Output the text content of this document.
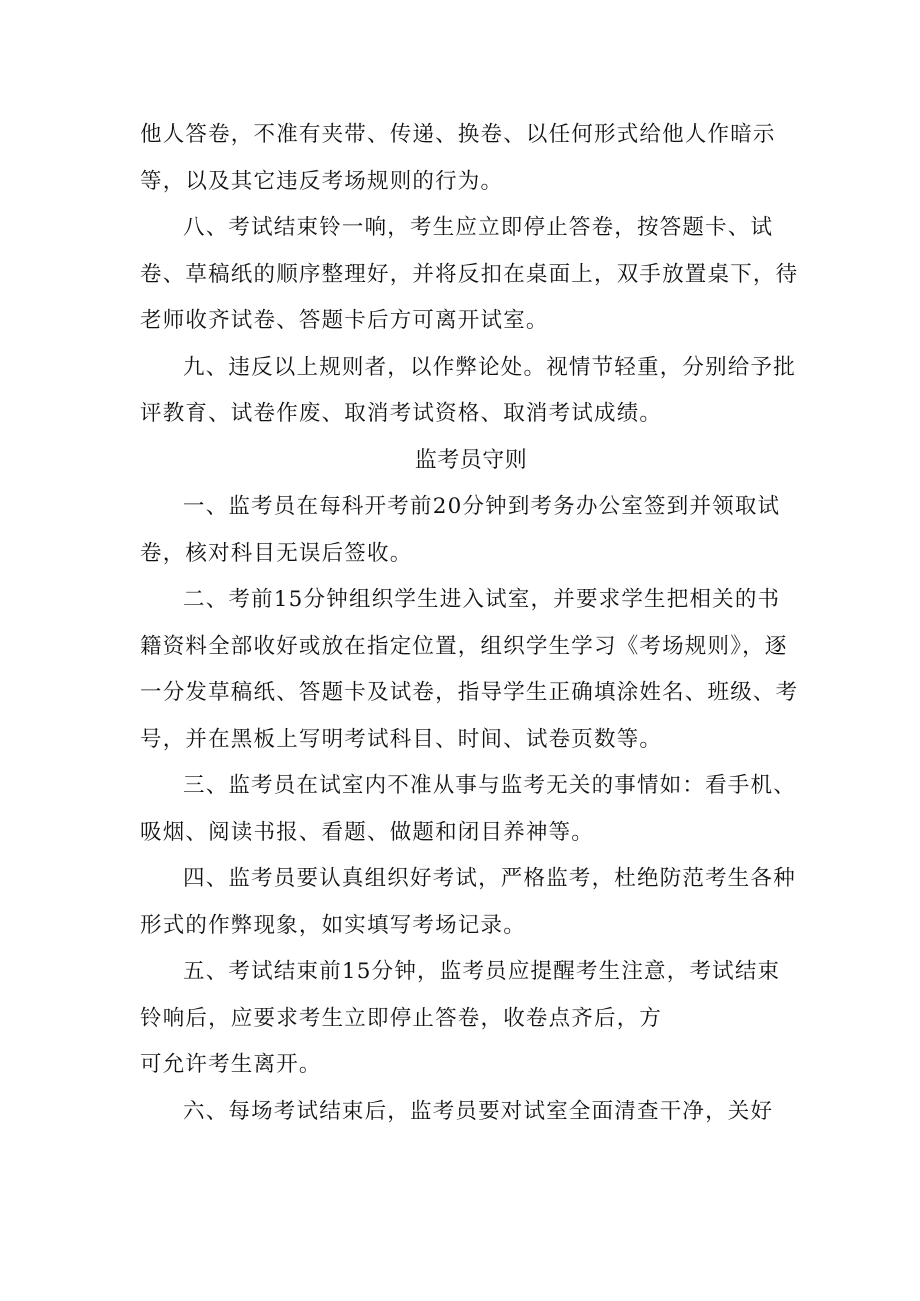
他人答卷，不准有夹带、传递、换卷、以任何形式给他人作暗示等，以及其它违反考场规则的行为。

八、考试结束铃一响，考生应立即停止答卷，按答题卡、试卷、草稿纸的顺序整理好，并将反扣在桌面上，双手放置桌下，待老师收齐试卷、答题卡后方可离开试室。

九、违反以上规则者，以作弊论处。视情节轻重，分别给予批评教育、试卷作废、取消考试资格、取消考试成绩。

监考员守则

一、监考员在每科开考前20分钟到考务办公室签到并领取试卷，核对科目无误后签收。

二、考前15分钟组织学生进入试室，并要求学生把相关的书籍资料全部收好或放在指定位置，组织学生学习《考场规则》，逐一分发草稿纸、答题卡及试卷，指导学生正确填涂姓名、班级、考号，并在黑板上写明考试科目、时间、试卷页数等。

三、监考员在试室内不准从事与监考无关的事情如：看手机、吸烟、阅读书报、看题、做题和闭目养神等。

四、监考员要认真组织好考试，严格监考，杜绝防范考生各种形式的作弊现象，如实填写考场记录。

五、考试结束前15分钟，监考员应提醒考生注意，考试结束铃响后，应要求考生立即停止答卷，收卷点齐后，方

可允许考生离开。

六、每场考试结束后，监考员要对试室全面清查干净，关好
